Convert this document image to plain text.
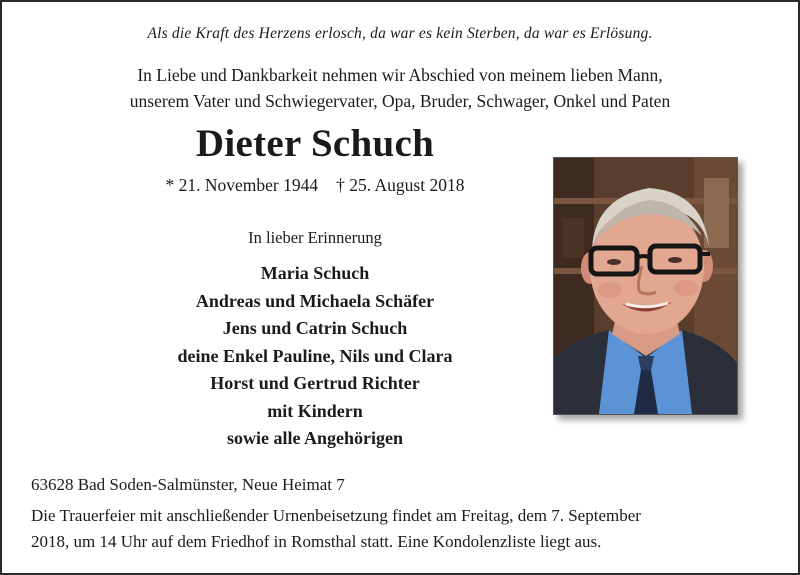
Als die Kraft des Herzens erlosch, da war es kein Sterben, da war es Erlösung.
In Liebe und Dankbarkeit nehmen wir Abschied von meinem lieben Mann,
unserem Vater und Schwiegervater, Opa, Bruder, Schwager, Onkel und Paten
Dieter Schuch
* 21. November 1944 † 25. August 2018
In lieber Erinnerung
Maria Schuch
Andreas und Michaela Schäfer
Jens und Catrin Schuch
deine Enkel Pauline, Nils und Clara
Horst und Gertrud Richter
mit Kindern
sowie alle Angehörigen
63628 Bad Soden-Salmünster, Neue Heimat 7
Die Trauerfeier mit anschließender Urnenbeisetzung findet am Freitag, dem 7. September
2018, um 14 Uhr auf dem Friedhof in Romsthal statt. Eine Kondolenzliste liegt aus.
